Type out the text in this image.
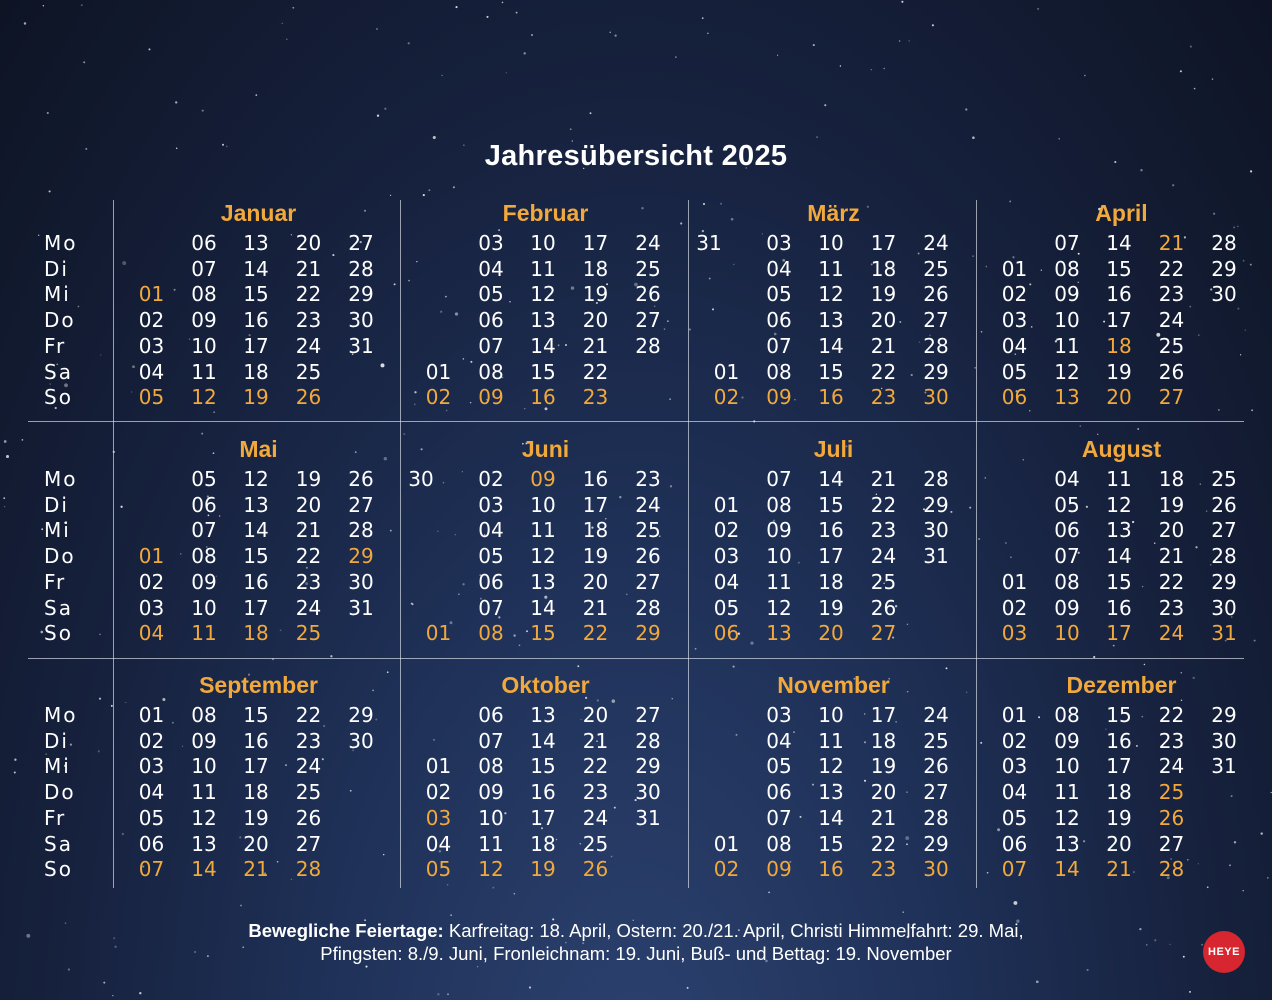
Jahresübersicht 2025
Mo
Di
Mi
Do
Fr
Sa
So
Mo
Di
Mi
Do
Fr
Sa
So
Mo
Di
Mi
Do
Fr
Sa
So
Januar
01
02
03
04
05
06
07
08
09
10
11
12
13
14
15
16
17
18
19
20
21
22
23
24
25
26
27
28
29
30
31
Februar
01
02
03
04
05
06
07
08
09
10
11
12
13
14
15
16
17
18
19
20
21
22
23
24
25
26
27
28
März
01
02
03
04
05
06
07
08
09
10
11
12
13
14
15
16
17
18
19
20
21
22
23
24
25
26
27
28
29
30
31
April
01
02
03
04
05
06
07
08
09
10
11
12
13
14
15
16
17
18
19
20
21
22
23
24
25
26
27
28
29
30
Mai
01
02
03
04
05
06
07
08
09
10
11
12
13
14
15
16
17
18
19
20
21
22
23
24
25
26
27
28
29
30
31
Juni
01
02
03
04
05
06
07
08
09
10
11
12
13
14
15
16
17
18
19
20
21
22
23
24
25
26
27
28
29
30
Juli
01
02
03
04
05
06
07
08
09
10
11
12
13
14
15
16
17
18
19
20
21
22
23
24
25
26
27
28
29
30
31
August
01
02
03
04
05
06
07
08
09
10
11
12
13
14
15
16
17
18
19
20
21
22
23
24
25
26
27
28
29
30
31
September
01
02
03
04
05
06
07
08
09
10
11
12
13
14
15
16
17
18
19
20
21
22
23
24
25
26
27
28
29
30
Oktober
01
02
03
04
05
06
07
08
09
10
11
12
13
14
15
16
17
18
19
20
21
22
23
24
25
26
27
28
29
30
31
November
01
02
03
04
05
06
07
08
09
10
11
12
13
14
15
16
17
18
19
20
21
22
23
24
25
26
27
28
29
30
Dezember
01
02
03
04
05
06
07
08
09
10
11
12
13
14
15
16
17
18
19
20
21
22
23
24
25
26
27
28
29
30
31
Bewegliche Feiertage: Karfreitag: 18. April, Ostern: 20./21. April, Christi Himmelfahrt: 29. Mai,
Pfingsten: 8./9. Juni, Fronleichnam: 19. Juni, Buß- und Bettag: 19. November	HEYE
